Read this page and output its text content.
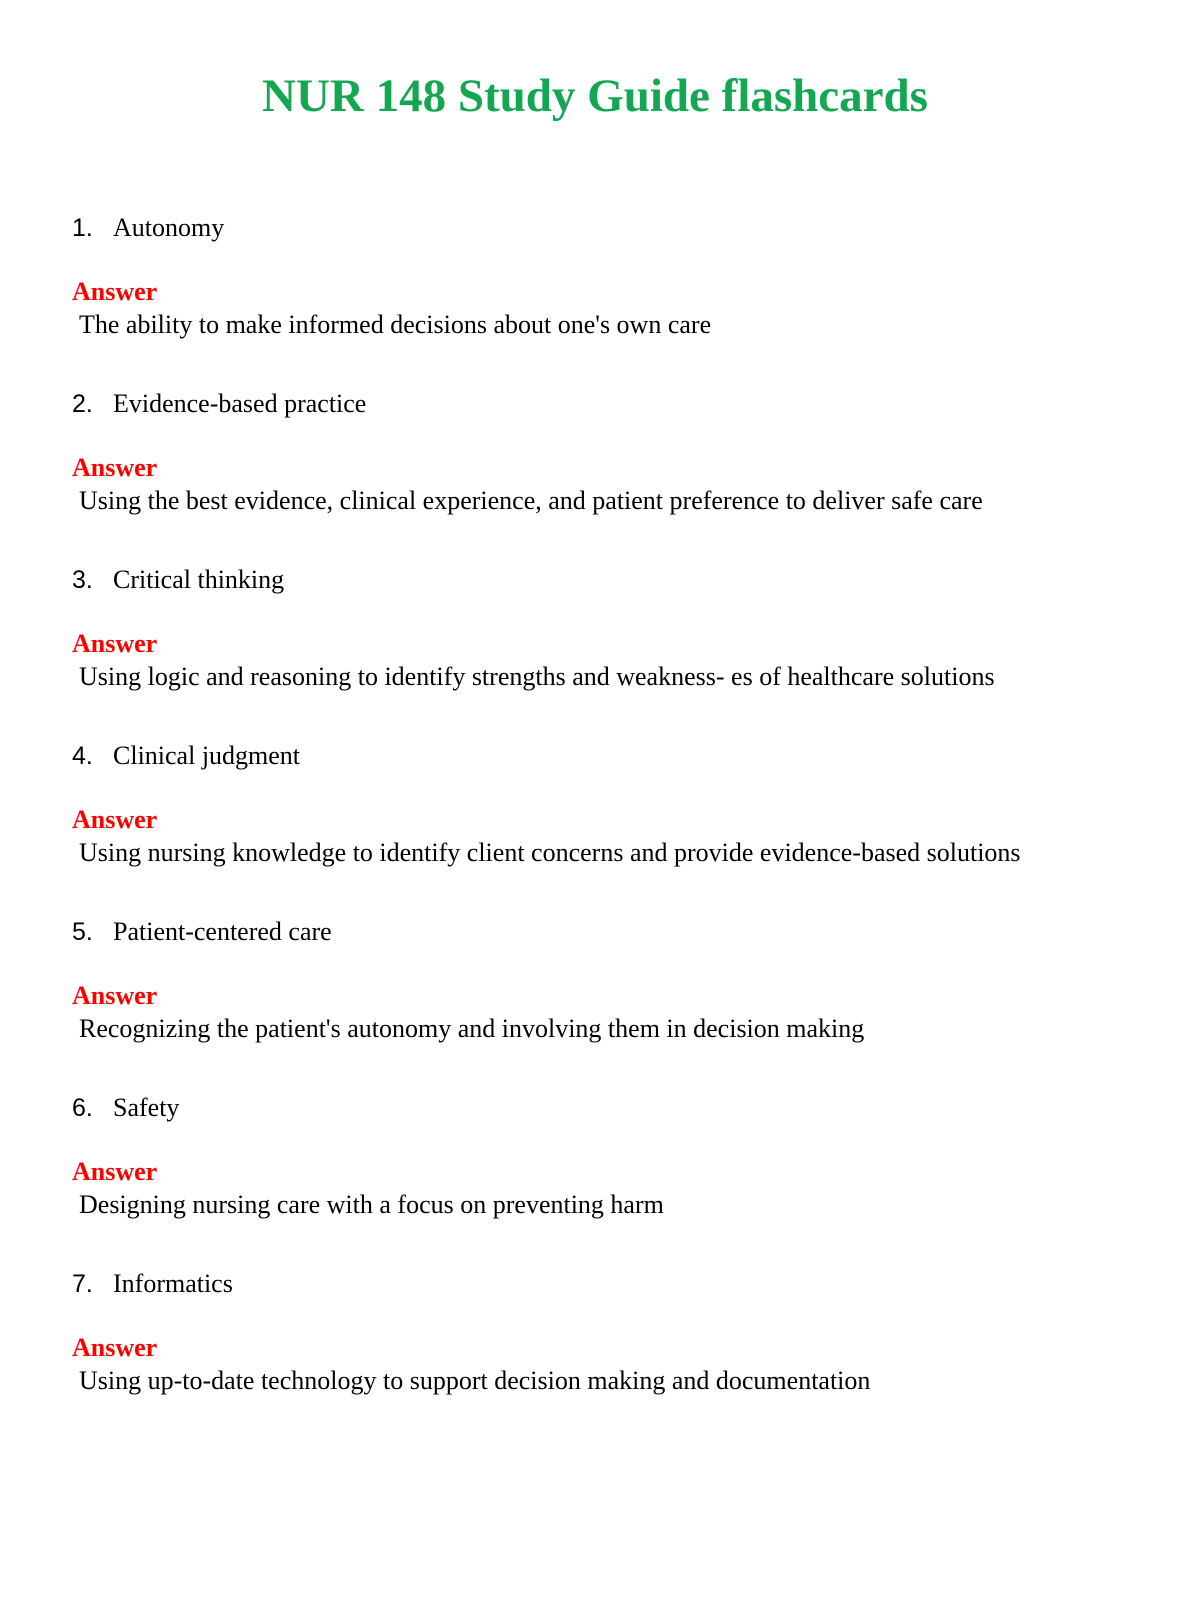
NUR 148 Study Guide flashcards
1. Autonomy
Answer
The ability to make informed decisions about one's own care
2. Evidence-based practice
Answer
Using the best evidence, clinical experience, and patient preference to deliver safe care
3. Critical thinking
Answer
Using logic and reasoning to identify strengths and weakness- es of healthcare solutions
4. Clinical judgment
Answer
Using nursing knowledge to identify client concerns and provide evidence-based solutions
5. Patient-centered care
Answer
Recognizing the patient's autonomy and involving them in decision making
6. Safety
Answer
Designing nursing care with a focus on preventing harm
7. Informatics
Answer
Using up-to-date technology to support decision making and documentation
